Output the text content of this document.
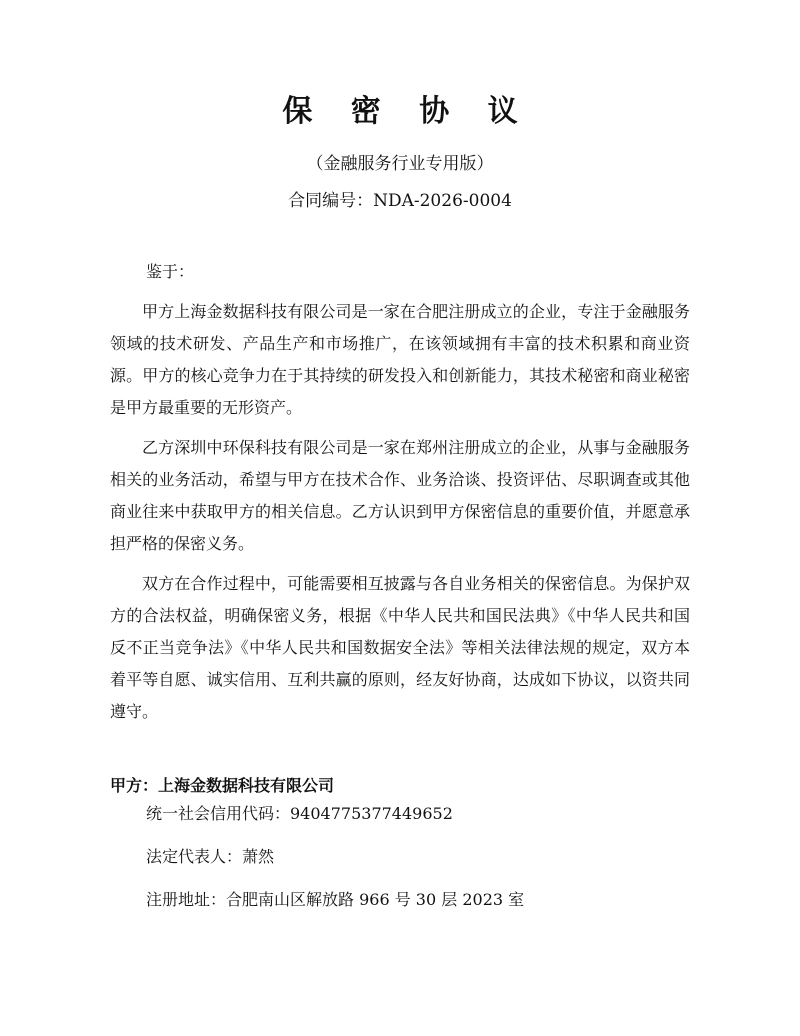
保 密 协 议
（金融服务行业专用版）
合同编号：NDA-2026-0004
鉴于：

甲方上海金数据科技有限公司是一家在合肥注册成立的企业，专注于金融服务领域的技术研发、产品生产和市场推广，在该领域拥有丰富的技术积累和商业资源。甲方的核心竞争力在于其持续的研发投入和创新能力，其技术秘密和商业秘密是甲方最重要的无形资产。

乙方深圳中环保科技有限公司是一家在郑州注册成立的企业，从事与金融服务相关的业务活动，希望与甲方在技术合作、业务洽谈、投资评估、尽职调查或其他商业往来中获取甲方的相关信息。乙方认识到甲方保密信息的重要价值，并愿意承担严格的保密义务。

双方在合作过程中，可能需要相互披露与各自业务相关的保密信息。为保护双方的合法权益，明确保密义务，根据《中华人民共和国民法典》《中华人民共和国反不正当竞争法》《中华人民共和国数据安全法》等相关法律法规的规定，双方本着平等自愿、诚实信用、互利共赢的原则，经友好协商，达成如下协议，以资共同遵守。

甲方：上海金数据科技有限公司
统一社会信用代码：9404775377449652
法定代表人：萧然
注册地址：合肥南山区解放路 966 号 30 层 2023 室
